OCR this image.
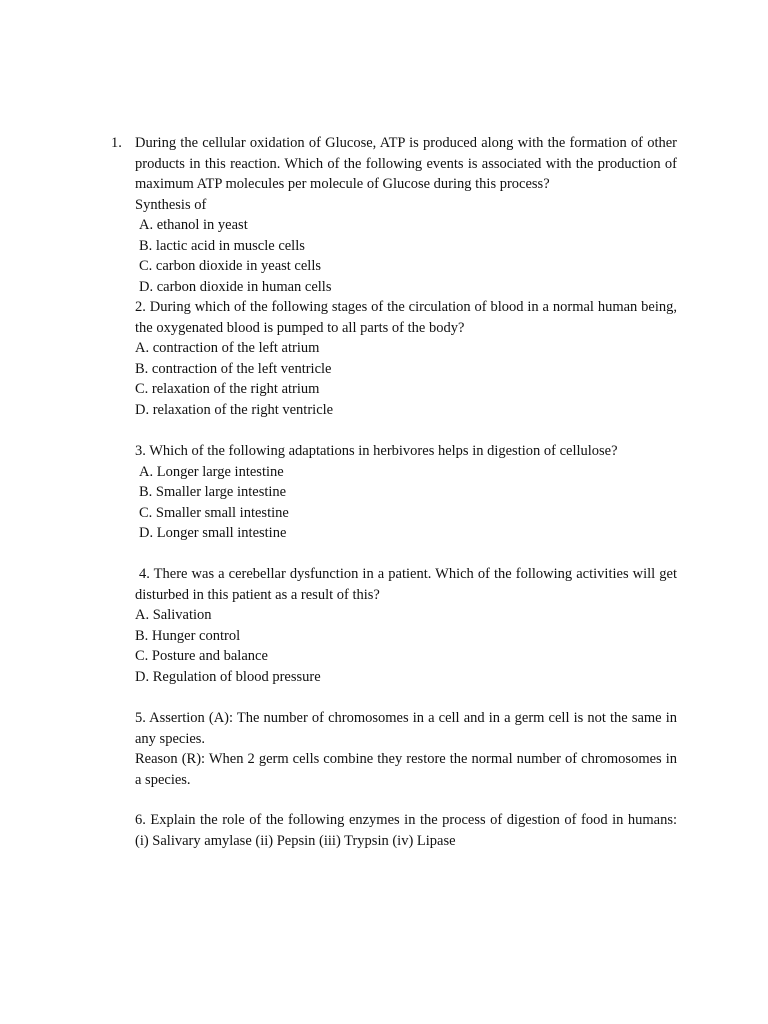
1. During the cellular oxidation of Glucose, ATP is produced along with the formation of other products in this reaction. Which of the following events is associated with the production of maximum ATP molecules per molecule of Glucose during this process?
Synthesis of
A. ethanol in yeast
B. lactic acid in muscle cells
C. carbon dioxide in yeast cells
D. carbon dioxide in human cells
2. During which of the following stages of the circulation of blood in a normal human being, the oxygenated blood is pumped to all parts of the body?
A. contraction of the left atrium
B. contraction of the left ventricle
C. relaxation of the right atrium
D. relaxation of the right ventricle
3. Which of the following adaptations in herbivores helps in digestion of cellulose?
A. Longer large intestine
B. Smaller large intestine
C. Smaller small intestine
D. Longer small intestine
4. There was a cerebellar dysfunction in a patient. Which of the following activities will get disturbed in this patient as a result of this?
A. Salivation
B. Hunger control
C. Posture and balance
D. Regulation of blood pressure
5. Assertion (A): The number of chromosomes in a cell and in a germ cell is not the same in any species.
Reason (R): When 2 germ cells combine they restore the normal number of chromosomes in a species.
6. Explain the role of the following enzymes in the process of digestion of food in humans: (i) Salivary amylase (ii) Pepsin (iii) Trypsin (iv) Lipase
